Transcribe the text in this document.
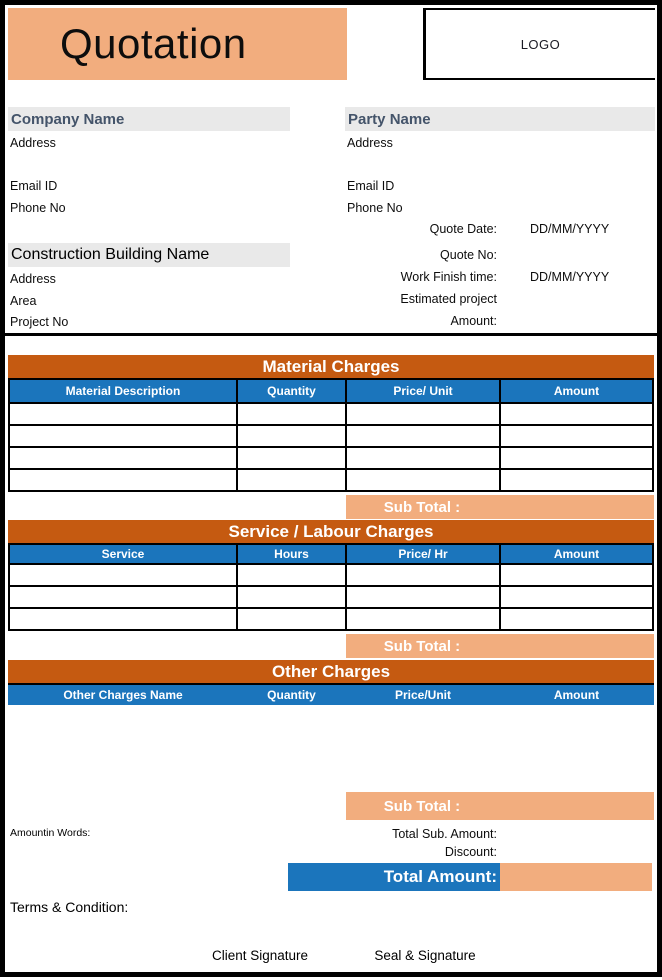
Quotation	LOGO
Company Name
Address
Email ID
Phone No
Party Name
Address
Email ID
Phone No
Quote Date:	DD/MM/YYYY
Quote No:
Work Finish time:	DD/MM/YYYY
Estimated project
Amount:
Construction Building Name
Address
Area
Project No
Material Charges
Material Description	Quantity	Price/ Unit	Amount
Sub Total :
Service / Labour Charges
Service	Hours	Price/ Hr	Amount
Sub Total :
Other Charges
Other Charges Name	Quantity	Price/Unit	Amount
Sub Total :
Amountin Words:	Total Sub. Amount:
Discount:
Total Amount:
Terms & Condition:
Client Signature	Seal & Signature
